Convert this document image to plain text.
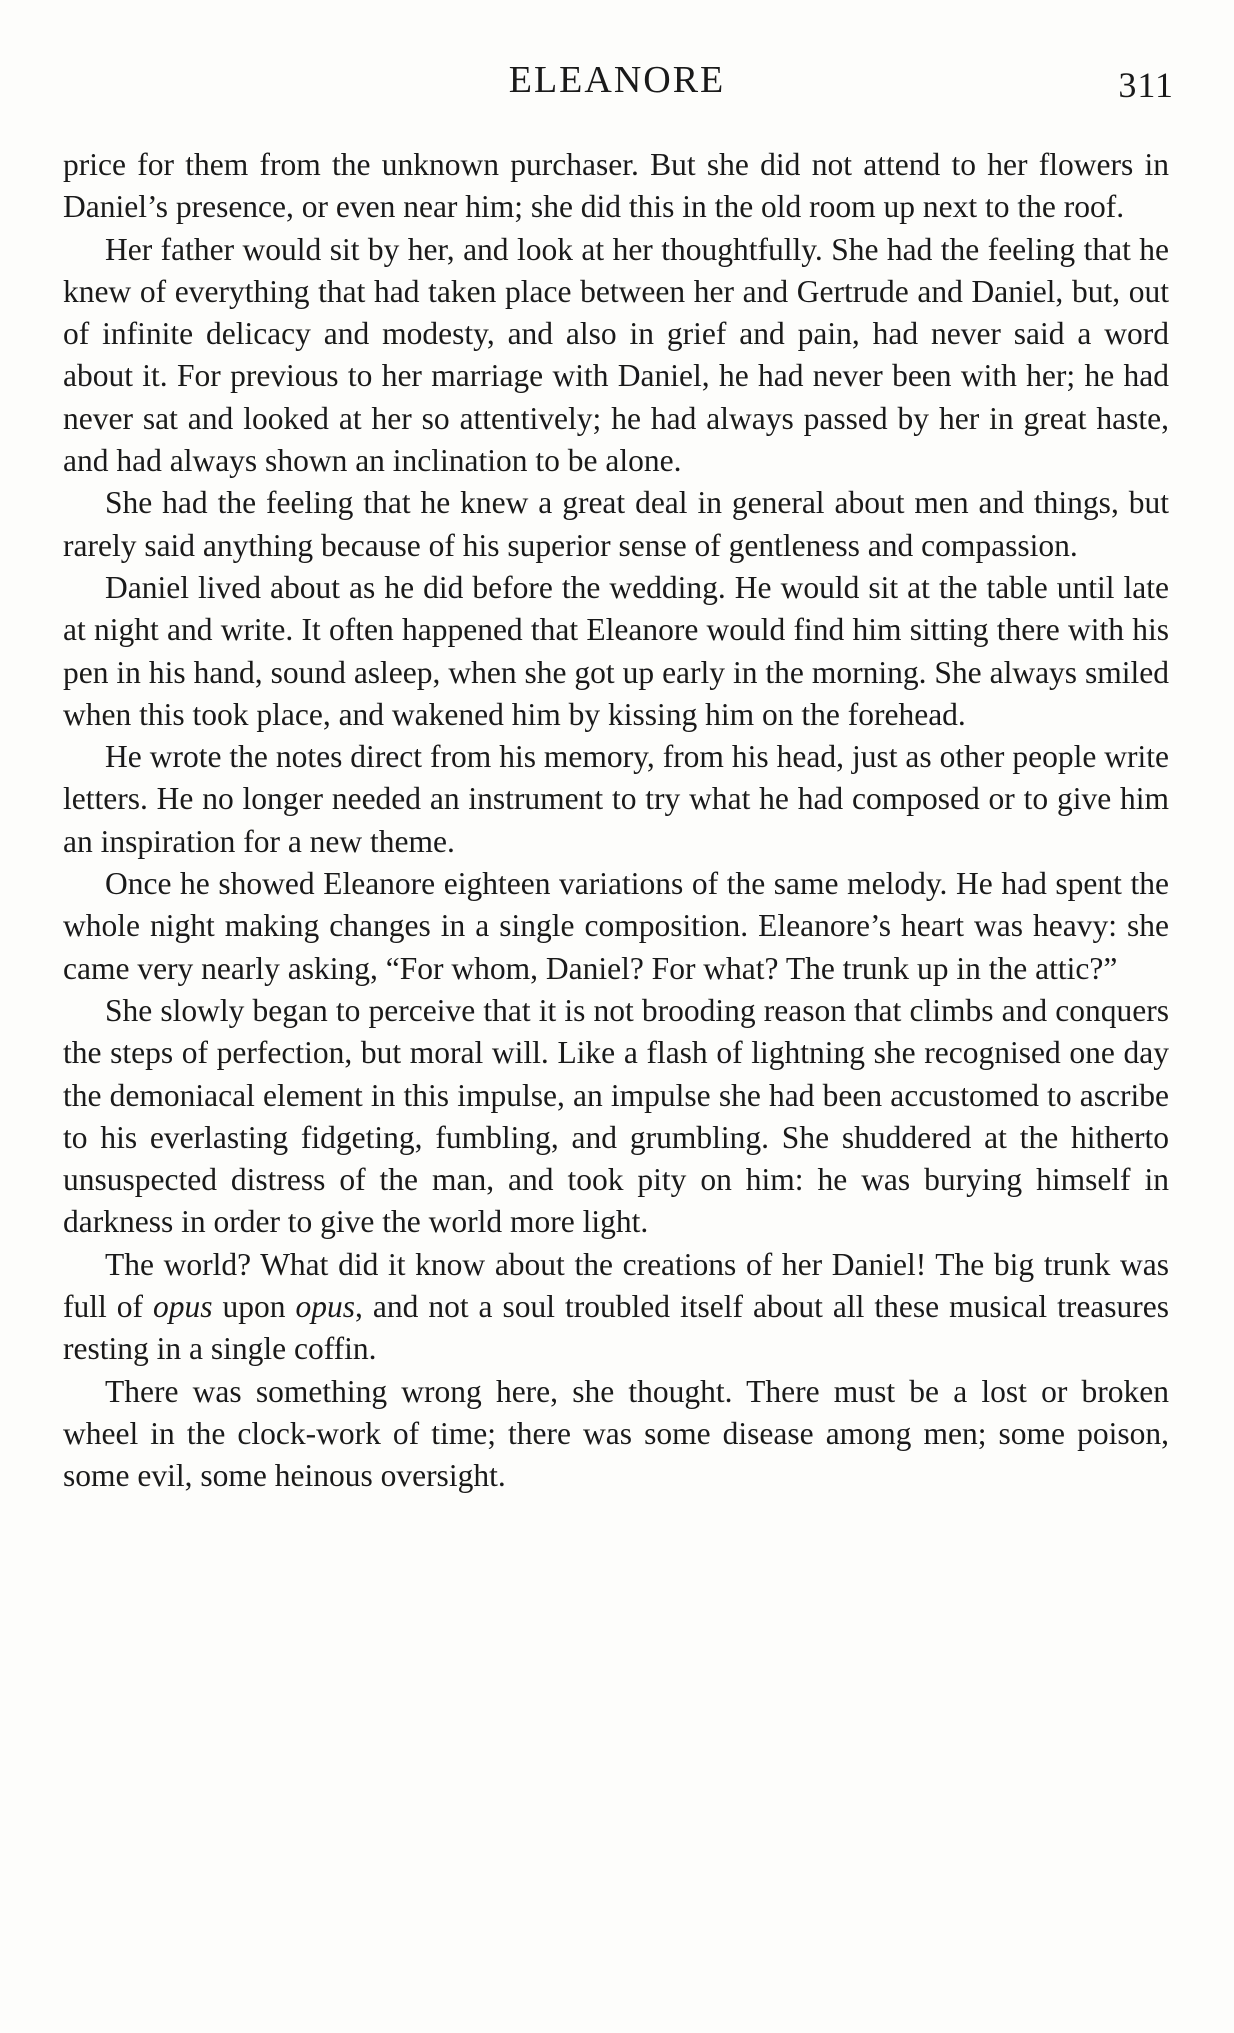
ELEANORE	311

price for them from the unknown purchaser. But she did not attend to her flowers in Daniel’s presence, or even near him; she did this in the old room up next to the roof.

Her father would sit by her, and look at her thoughtfully. She had the feeling that he knew of everything that had taken place between her and Gertrude and Daniel, but, out of infinite delicacy and modesty, and also in grief and pain, had never said a word about it. For previous to her marriage with Daniel, he had never been with her; he had never sat and looked at her so attentively; he had always passed by her in great haste, and had always shown an inclination to be alone.

She had the feeling that he knew a great deal in general about men and things, but rarely said anything because of his superior sense of gentleness and compassion.

Daniel lived about as he did before the wedding. He would sit at the table until late at night and write. It often happened that Eleanore would find him sitting there with his pen in his hand, sound asleep, when she got up early in the morning. She always smiled when this took place, and wakened him by kissing him on the forehead.

He wrote the notes direct from his memory, from his head, just as other people write letters. He no longer needed an instrument to try what he had composed or to give him an inspiration for a new theme.

Once he showed Eleanore eighteen variations of the same melody. He had spent the whole night making changes in a single composition. Eleanore’s heart was heavy: she came very nearly asking, “For whom, Daniel? For what? The trunk up in the attic?”

She slowly began to perceive that it is not brooding reason that climbs and conquers the steps of perfection, but moral will. Like a flash of lightning she recognised one day the demoniacal element in this impulse, an impulse she had been accustomed to ascribe to his everlasting fidgeting, fumbling, and grumbling. She shuddered at the hitherto unsuspected distress of the man, and took pity on him: he was burying himself in darkness in order to give the world more light.

The world? What did it know about the creations of her Daniel! The big trunk was full of opus upon opus, and not a soul troubled itself about all these musical treasures resting in a single coffin.

There was something wrong here, she thought. There must be a lost or broken wheel in the clock-work of time; there was some disease among men; some poison, some evil, some heinous oversight.
